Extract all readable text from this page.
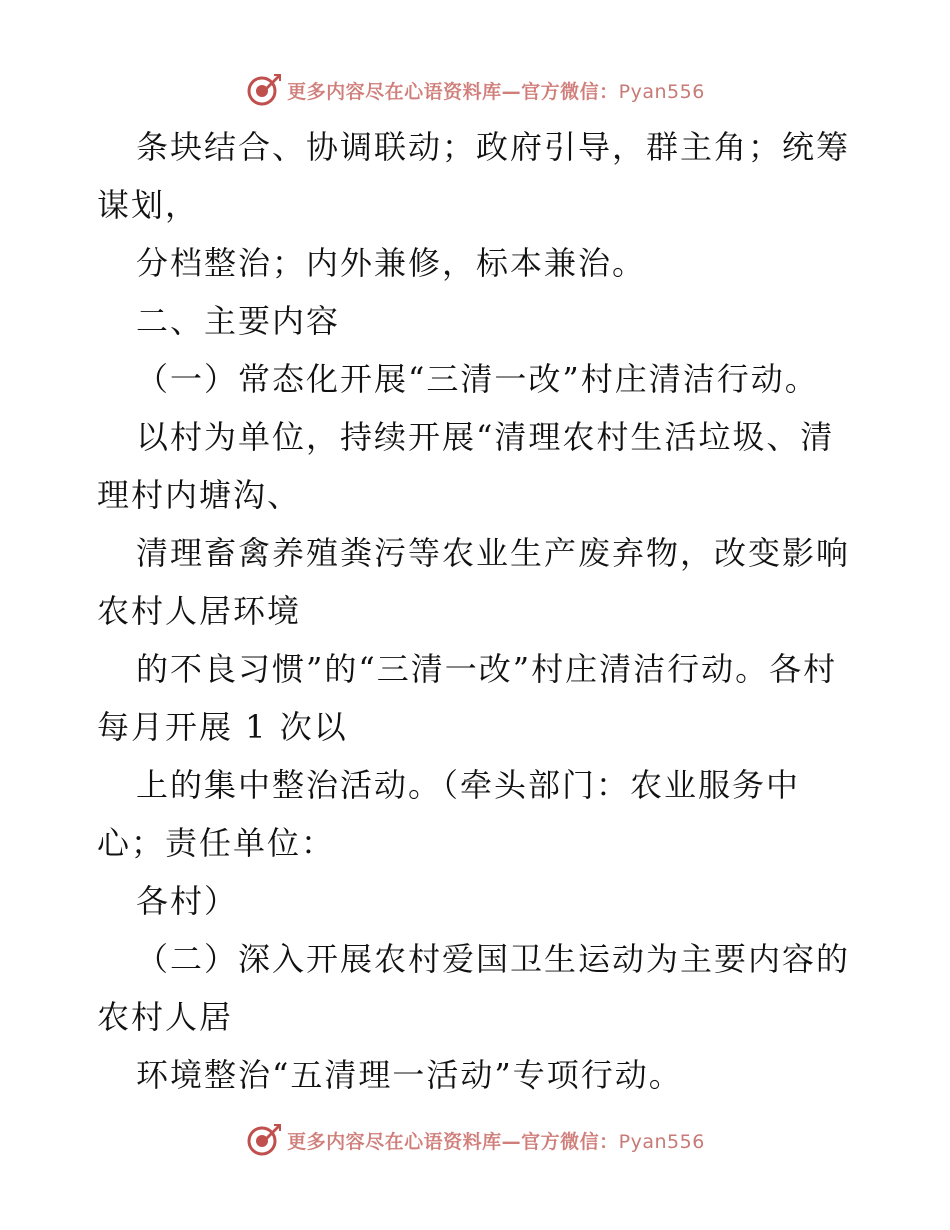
更多内容尽在心语资料库—官方微信：Pyan556

条块结合、协调联动；政府引导，群主角；统筹谋划，

分档整治；内外兼修，标本兼治。

二、主要内容

（一）常态化开展“三清一改”村庄清洁行动。

以村为单位，持续开展“清理农村生活垃圾、清理村内塘沟、

清理畜禽养殖粪污等农业生产废弃物，改变影响农村人居环境

的不良习惯”的“三清一改”村庄清洁行动。各村每月开展 1 次以

上的集中整治活动。（牵头部门：农业服务中心；责任单位：

各村）

（二）深入开展农村爱国卫生运动为主要内容的农村人居

环境整治“五清理一活动”专项行动。

更多内容尽在心语资料库—官方微信：Pyan556
